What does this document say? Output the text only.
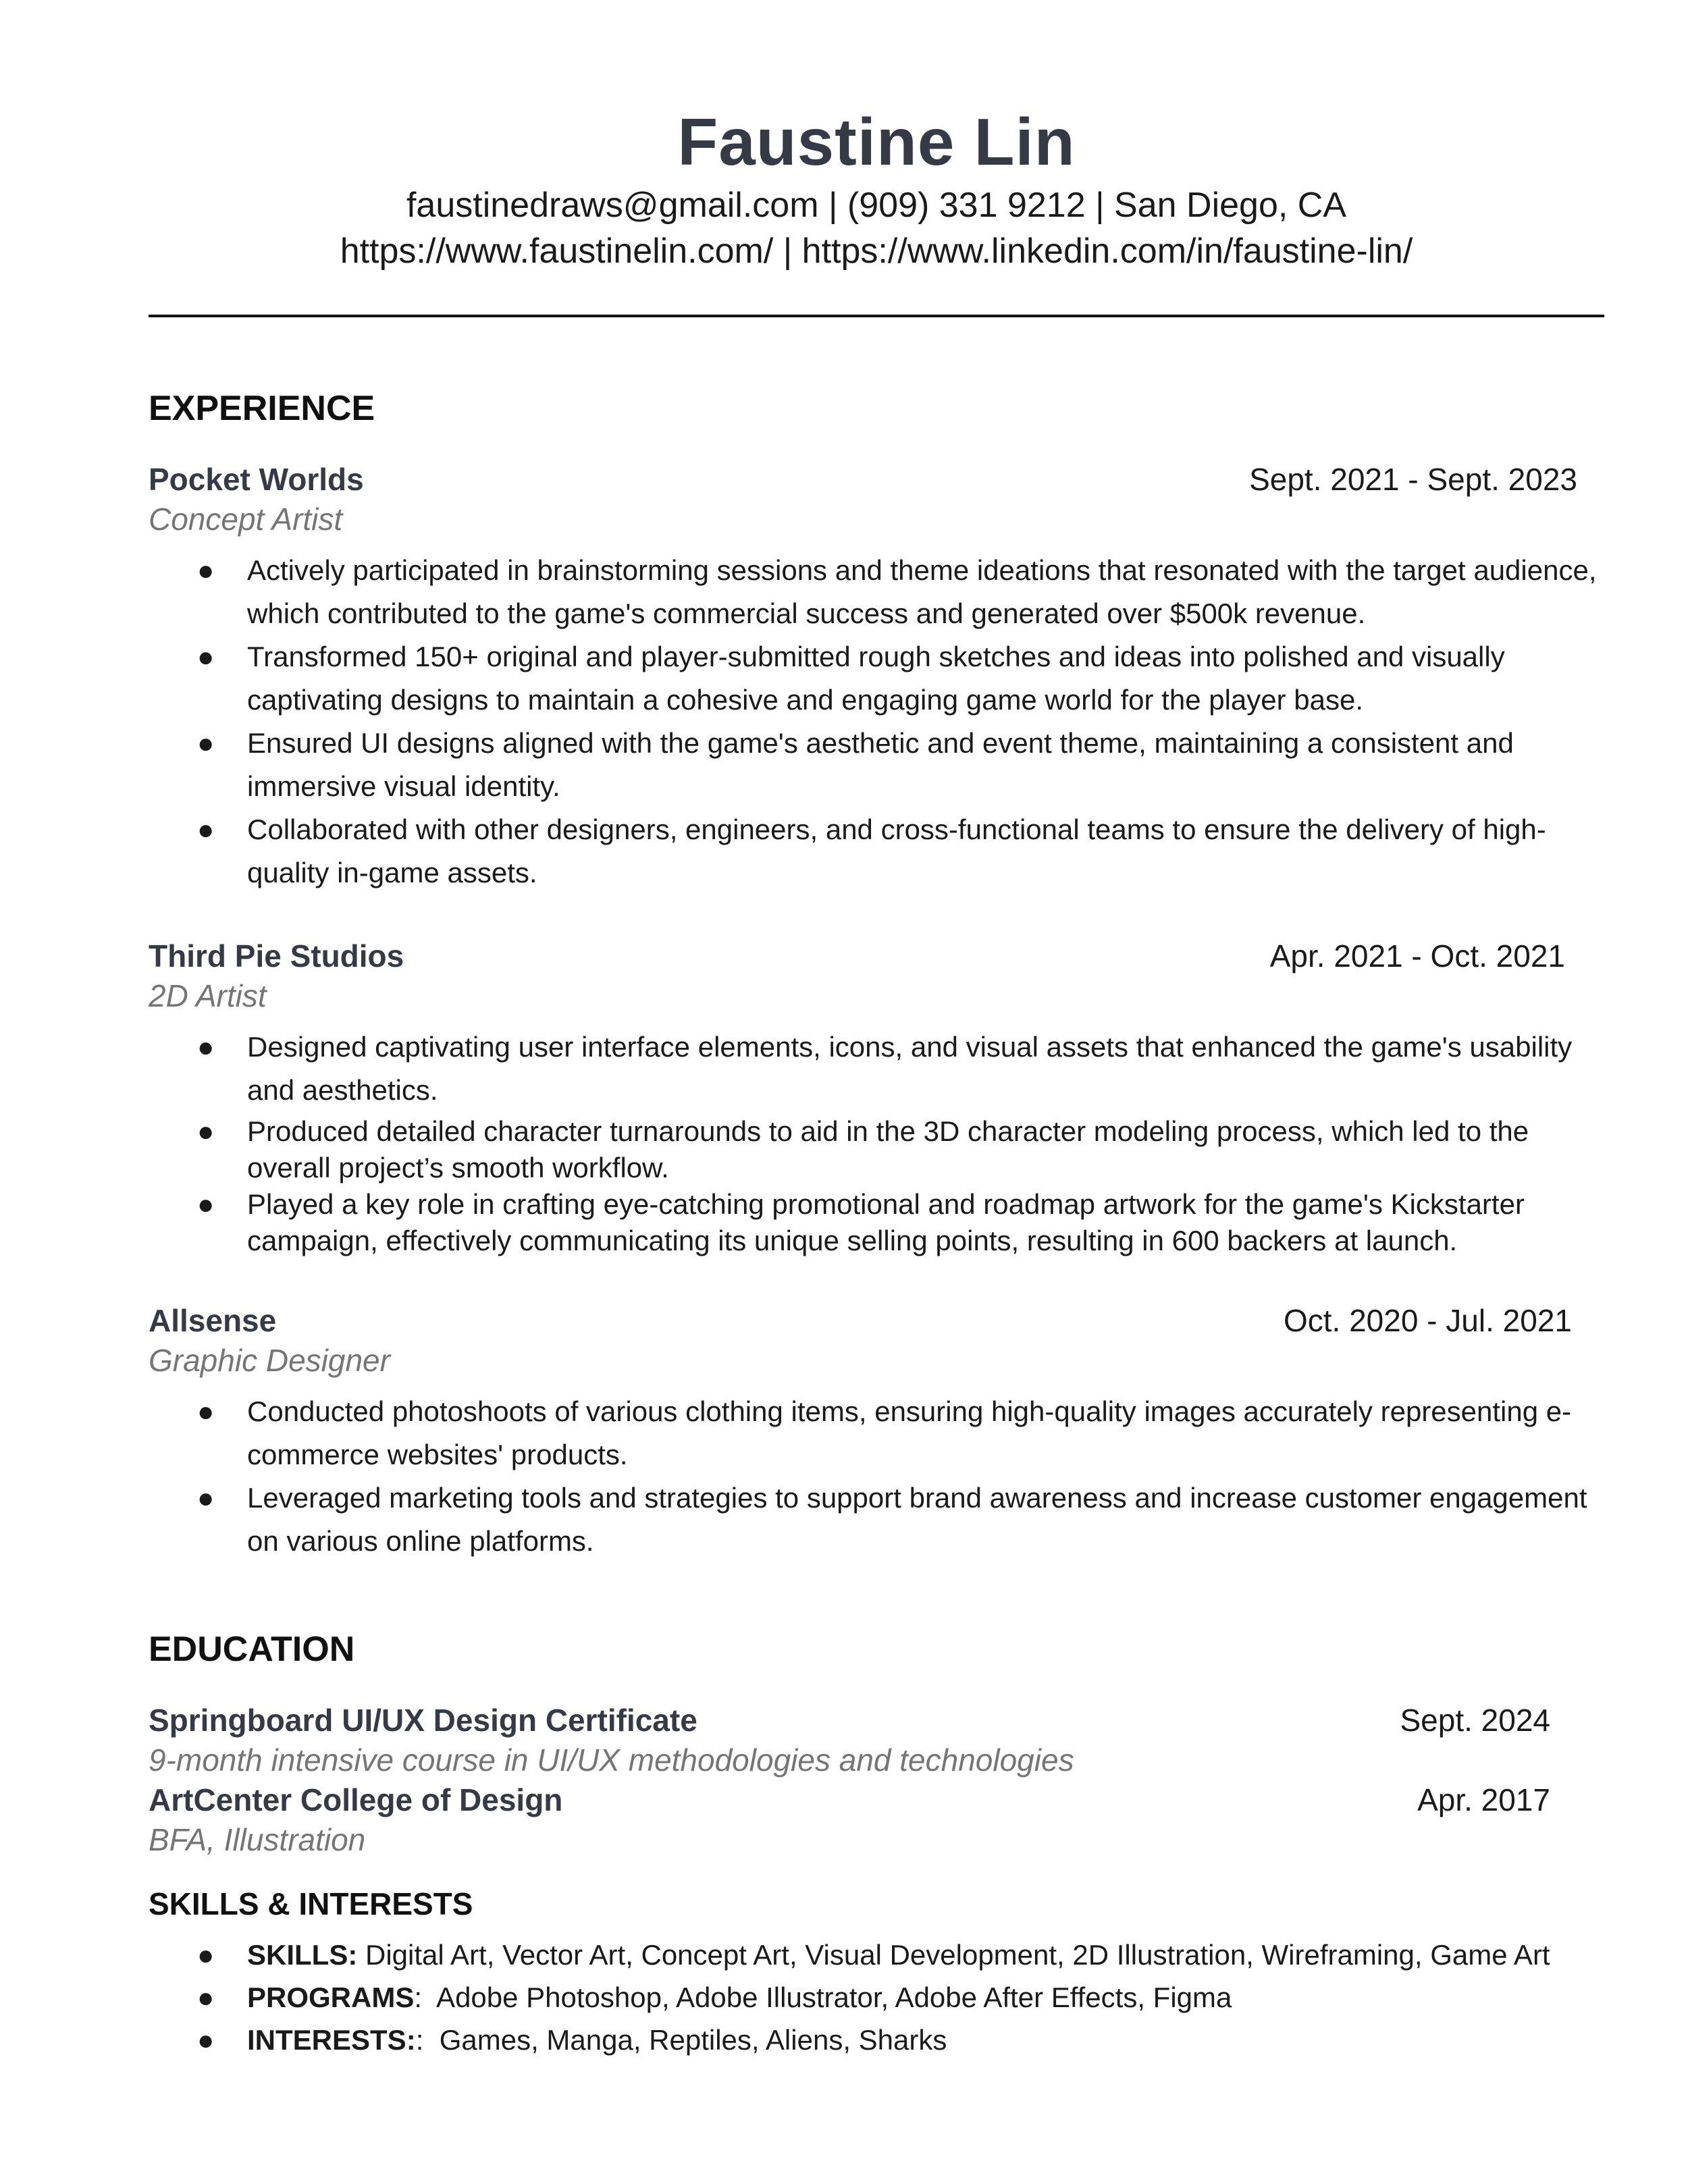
Faustine Lin
faustinedraws@gmail.com | (909) 331 9212 | San Diego, CA
https://www.faustinelin.com/ | https://www.linkedin.com/in/faustine-lin/
EXPERIENCE
Pocket Worlds	Sept. 2021 - Sept. 2023
Concept Artist
● Actively participated in brainstorming sessions and theme ideations that resonated with the target audience, which contributed to the game's commercial success and generated over $500k revenue.
● Transformed 150+ original and player-submitted rough sketches and ideas into polished and visually captivating designs to maintain a cohesive and engaging game world for the player base.
● Ensured UI designs aligned with the game's aesthetic and event theme, maintaining a consistent and immersive visual identity.
● Collaborated with other designers, engineers, and cross-functional teams to ensure the delivery of high-quality in-game assets.
Third Pie Studios	Apr. 2021 - Oct. 2021
2D Artist
● Designed captivating user interface elements, icons, and visual assets that enhanced the game's usability and aesthetics.
● Produced detailed character turnarounds to aid in the 3D character modeling process, which led to the overall project’s smooth workflow.
● Played a key role in crafting eye-catching promotional and roadmap artwork for the game's Kickstarter campaign, effectively communicating its unique selling points, resulting in 600 backers at launch.
Allsense	Oct. 2020 - Jul. 2021
Graphic Designer
● Conducted photoshoots of various clothing items, ensuring high-quality images accurately representing e-commerce websites' products.
● Leveraged marketing tools and strategies to support brand awareness and increase customer engagement on various online platforms.
EDUCATION
Springboard UI/UX Design Certificate	Sept. 2024
9-month intensive course in UI/UX methodologies and technologies
ArtCenter College of Design	Apr. 2017
BFA, Illustration
SKILLS & INTERESTS
● SKILLS: Digital Art, Vector Art, Concept Art, Visual Development, 2D Illustration, Wireframing, Game Art
● PROGRAMS:  Adobe Photoshop, Adobe Illustrator, Adobe After Effects, Figma
● INTERESTS::  Games, Manga, Reptiles, Aliens, Sharks
